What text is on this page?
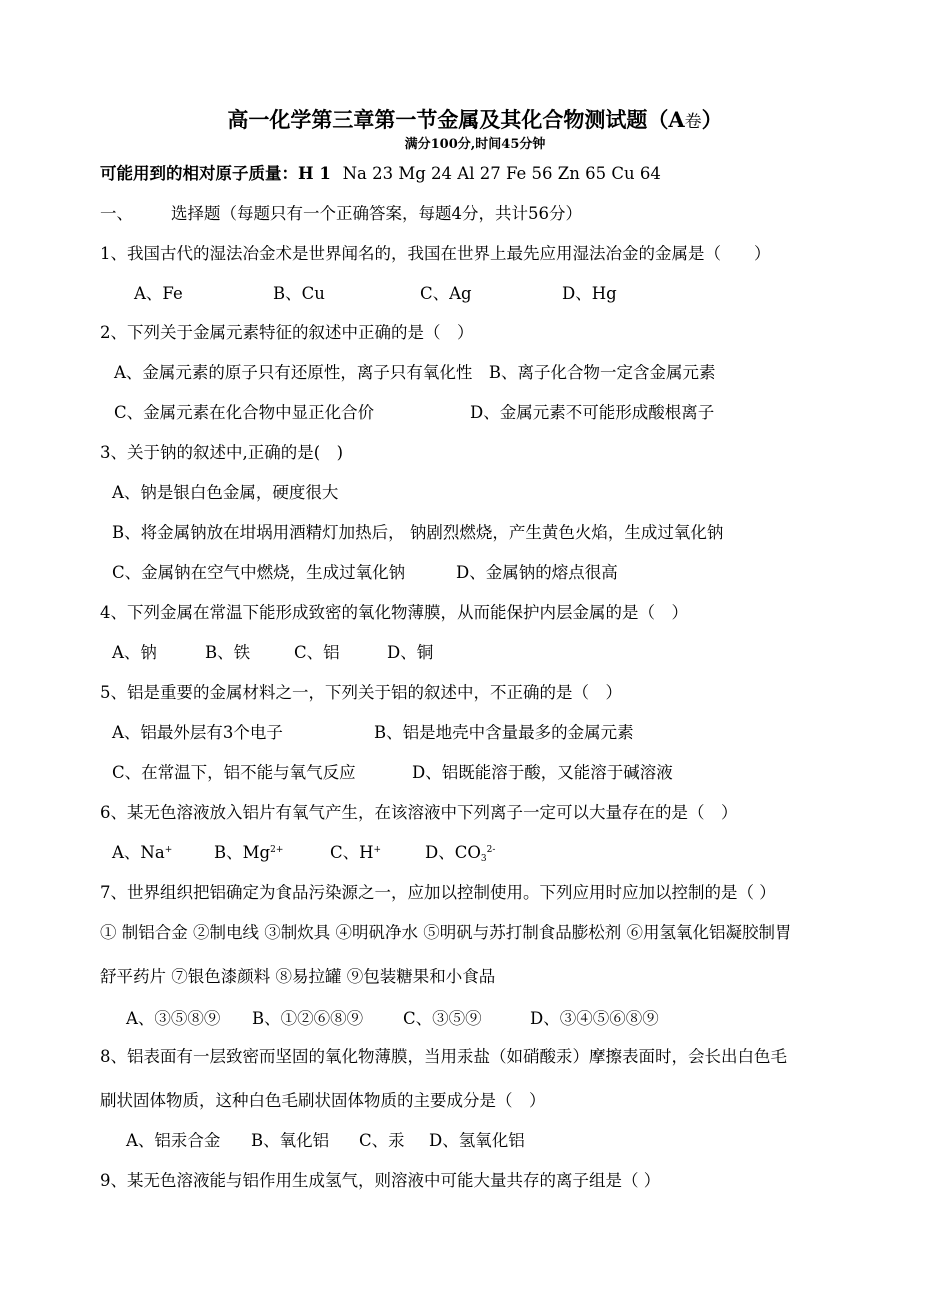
高一化学第三章第一节金属及其化合物测试题（A卷）
满分100分,时间45分钟
可能用到的相对原子质量：H 1 Na 23 Mg 24 Al 27 Fe 56 Zn 65 Cu 64
一、 选择题（每题只有一个正确答案，每题4分，共计56分）
1、我国古代的湿法冶金术是世界闻名的，我国在世界上最先应用湿法冶金的金属是（　　）
A、Fe	B、Cu	C、Ag	D、Hg
2、下列关于金属元素特征的叙述中正确的是（　）
A、金属元素的原子只有还原性，离子只有氧化性　B、离子化合物一定含金属元素
C、金属元素在化合物中显正化合价	D、金属元素不可能形成酸根离子
3、关于钠的叙述中,正确的是(　)
A、钠是银白色金属，硬度很大
B、将金属钠放在坩埚用酒精灯加热后， 钠剧烈燃烧，产生黄色火焰，生成过氧化钠
C、金属钠在空气中燃烧，生成过氧化钠	D、金属钠的熔点很高
4、下列金属在常温下能形成致密的氧化物薄膜，从而能保护内层金属的是（　）
A、钠	B、铁	C、铝	D、铜
5、铝是重要的金属材料之一，下列关于铝的叙述中，不正确的是（　）
A、铝最外层有3个电子	B、铝是地壳中含量最多的金属元素
C、在常温下，铝不能与氧气反应	D、铝既能溶于酸，又能溶于碱溶液
6、某无色溶液放入铝片有氧气产生，在该溶液中下列离子一定可以大量存在的是（　）
A、Na+	B、$Mg^{2+}$	C、H+	D、$CO_3^{2-}$
7、世界组织把铝确定为食品污染源之一，应加以控制使用。下列应用时应加以控制的是（ ）
① 制铝合金 ②制电线 ③制炊具 ④明矾净水 ⑤明矾与苏打制食品膨松剂 ⑥用氢氧化铝凝胶制胃
舒平药片 ⑦银色漆颜料 ⑧易拉罐 ⑨包装糖果和小食品
A、③⑤⑧⑨ B、①②⑥⑧⑨ C、③⑤⑨	D、③④⑤⑥⑧⑨
8、铝表面有一层致密而坚固的氧化物薄膜，当用汞盐（如硝酸汞）摩擦表面时，会长出白色毛
刷状固体物质，这种白色毛刷状固体物质的主要成分是（　）
A、铝汞合金 B、氧化铝 C、汞 D、氢氧化铝
9、某无色溶液能与铝作用生成氢气，则溶液中可能大量共存的离子组是（ ）
